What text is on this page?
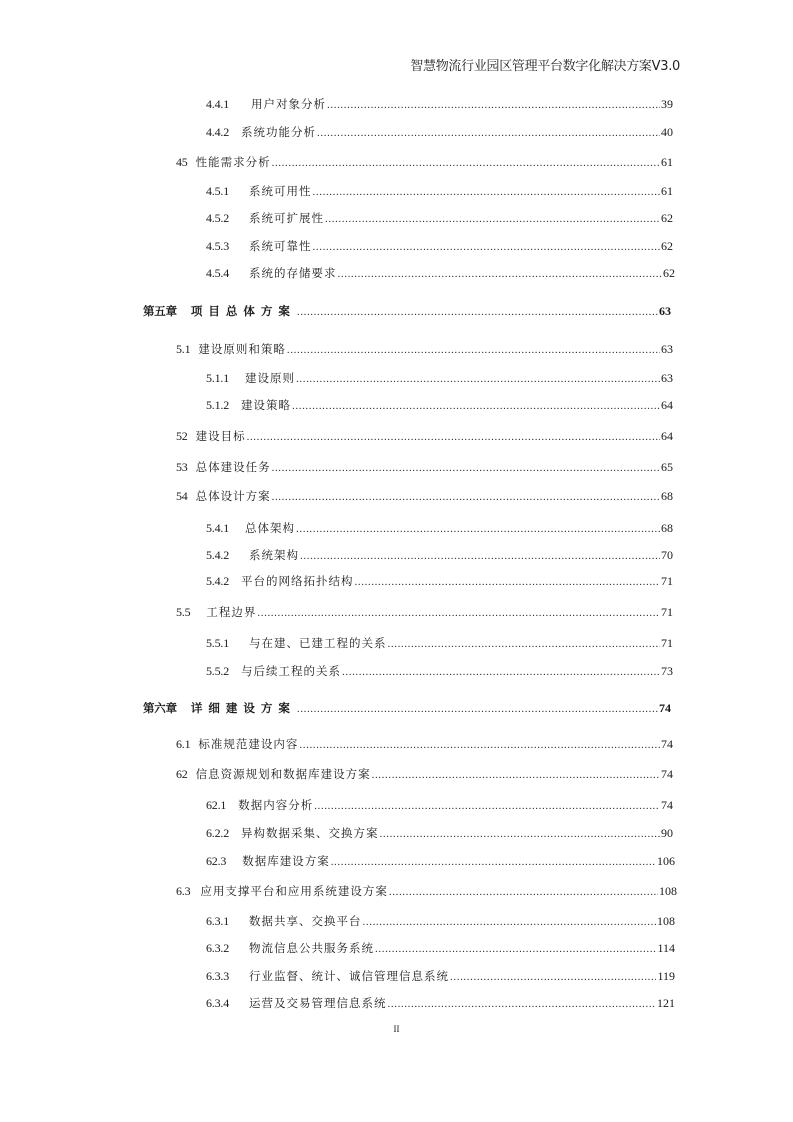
智慧物流行业园区管理平台数字化解决方案V3.0
4.4.1 用户对象分析 .....	39
4.4.2 系统功能分析 .....	40
45 性能需求分析 .....	61
4.5.1 系统可用性 .....	61
4.5.2 系统可扩展性 .....	62
4.5.3 系统可靠性 .....	62
4.5.4 系统的存储要求 .....	62
第五章 项目总体方案 .....	63
5.1 建设原则和策略 .....	63
5.1.1 建设原则 .....	63
5.1.2 建设策略 .....	64
52 建设目标 .....	64
53 总体建设任务 .....	65
54 总体设计方案 .....	68
5.4.1 总体架构 .....	68
5.4.2 系统架构 .....	70
5.4.2 平台的网络拓扑结构 .....	71
5.5 工程边界 .....	71
5.5.1 与在建、已建工程的关系 .....	71
5.5.2 与后续工程的关系 .....	73
第六章 详细建设方案 .....	74
6.1 标准规范建设内容 .....	74
62 信息资源规划和数据库建设方案 .....	74
62.1 数据内容分析 .....	74
6.2.2 异构数据采集、交换方案 .....	90
62.3 数据库建设方案 .....	106
6.3 应用支撑平台和应用系统建设方案 .....	108
6.3.1 数据共享、交换平台 .....	108
6.3.2 物流信息公共服务系统 .....	114
6.3.3 行业监督、统计、诚信管理信息系统 .....	119
6.3.4 运营及交易管理信息系统 .....	121
II
